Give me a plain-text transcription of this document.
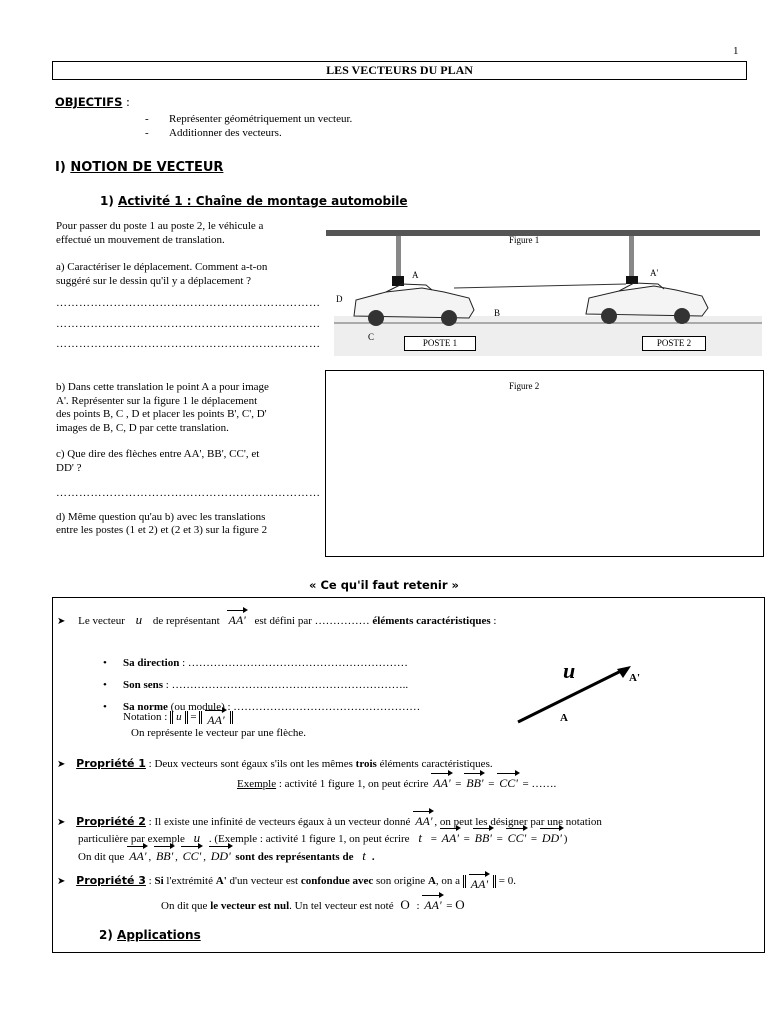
1
LES VECTEURS DU PLAN
OBJECTIFS :
- Représenter géométriquement un vecteur.
- Additionner des vecteurs.
I) NOTION DE VECTEUR
1) Activité 1 : Chaîne de montage automobile
Pour passer du poste 1 au poste 2, le véhicule a
effectué un mouvement de translation.
a) Caractériser le déplacement. Comment a-t-on
suggéré sur le dessin qu'il y a déplacement ?
……………………………………………………………
……………………………………………………………
……………………………………………………………
b) Dans cette translation le point A a pour image
A'. Représenter sur la figure 1 le déplacement
des points B, C , D et placer les points B', C', D'
images de B, C, D par cette translation.
c) Que dire des flèches entre AA', BB', CC', et
DD' ?
……………………………………………………………
d) Même question qu'au b) avec les translations
entre les postes (1 et 2) et (2 et 3) sur la figure 2
Figure 1
A	A'
D
B
C
POSTE 1	POSTE 2
Figure 2
« Ce qu'il faut retenir »
➤ Le vecteur u de représentant AA' est défini par …………… éléments caractéristiques :
• Sa direction : ……………………………………………………
• Son sens : ………………………………………………………..
• Sa norme (ou module) : ……………………………………………
Notation : u = AA'
On représente le vecteur par une flèche.
u
A
A'
➤ Propriété 1 : Deux vecteurs sont égaux s'ils ont les mêmes trois éléments caractéristiques.
Exemple : activité 1 figure 1, on peut écrire AA' = BB' = CC' = …….
➤ Propriété 2 : Il existe une infinité de vecteurs égaux à un vecteur donné AA' , on peut les désigner par une notation
particulière par exemple u . (Exemple : activité 1 figure 1, on peut écrire t = AA' = BB' = CC' = DD' )
On dit que AA' , BB' , CC' , DD' sont des représentants de t .
➤ Propriété 3 : Si l'extrémité A' d'un vecteur est confondue avec son origine A, on a AA' = 0.
On dit que le vecteur est nul. Un tel vecteur est noté O : AA' = O
2) Applications
